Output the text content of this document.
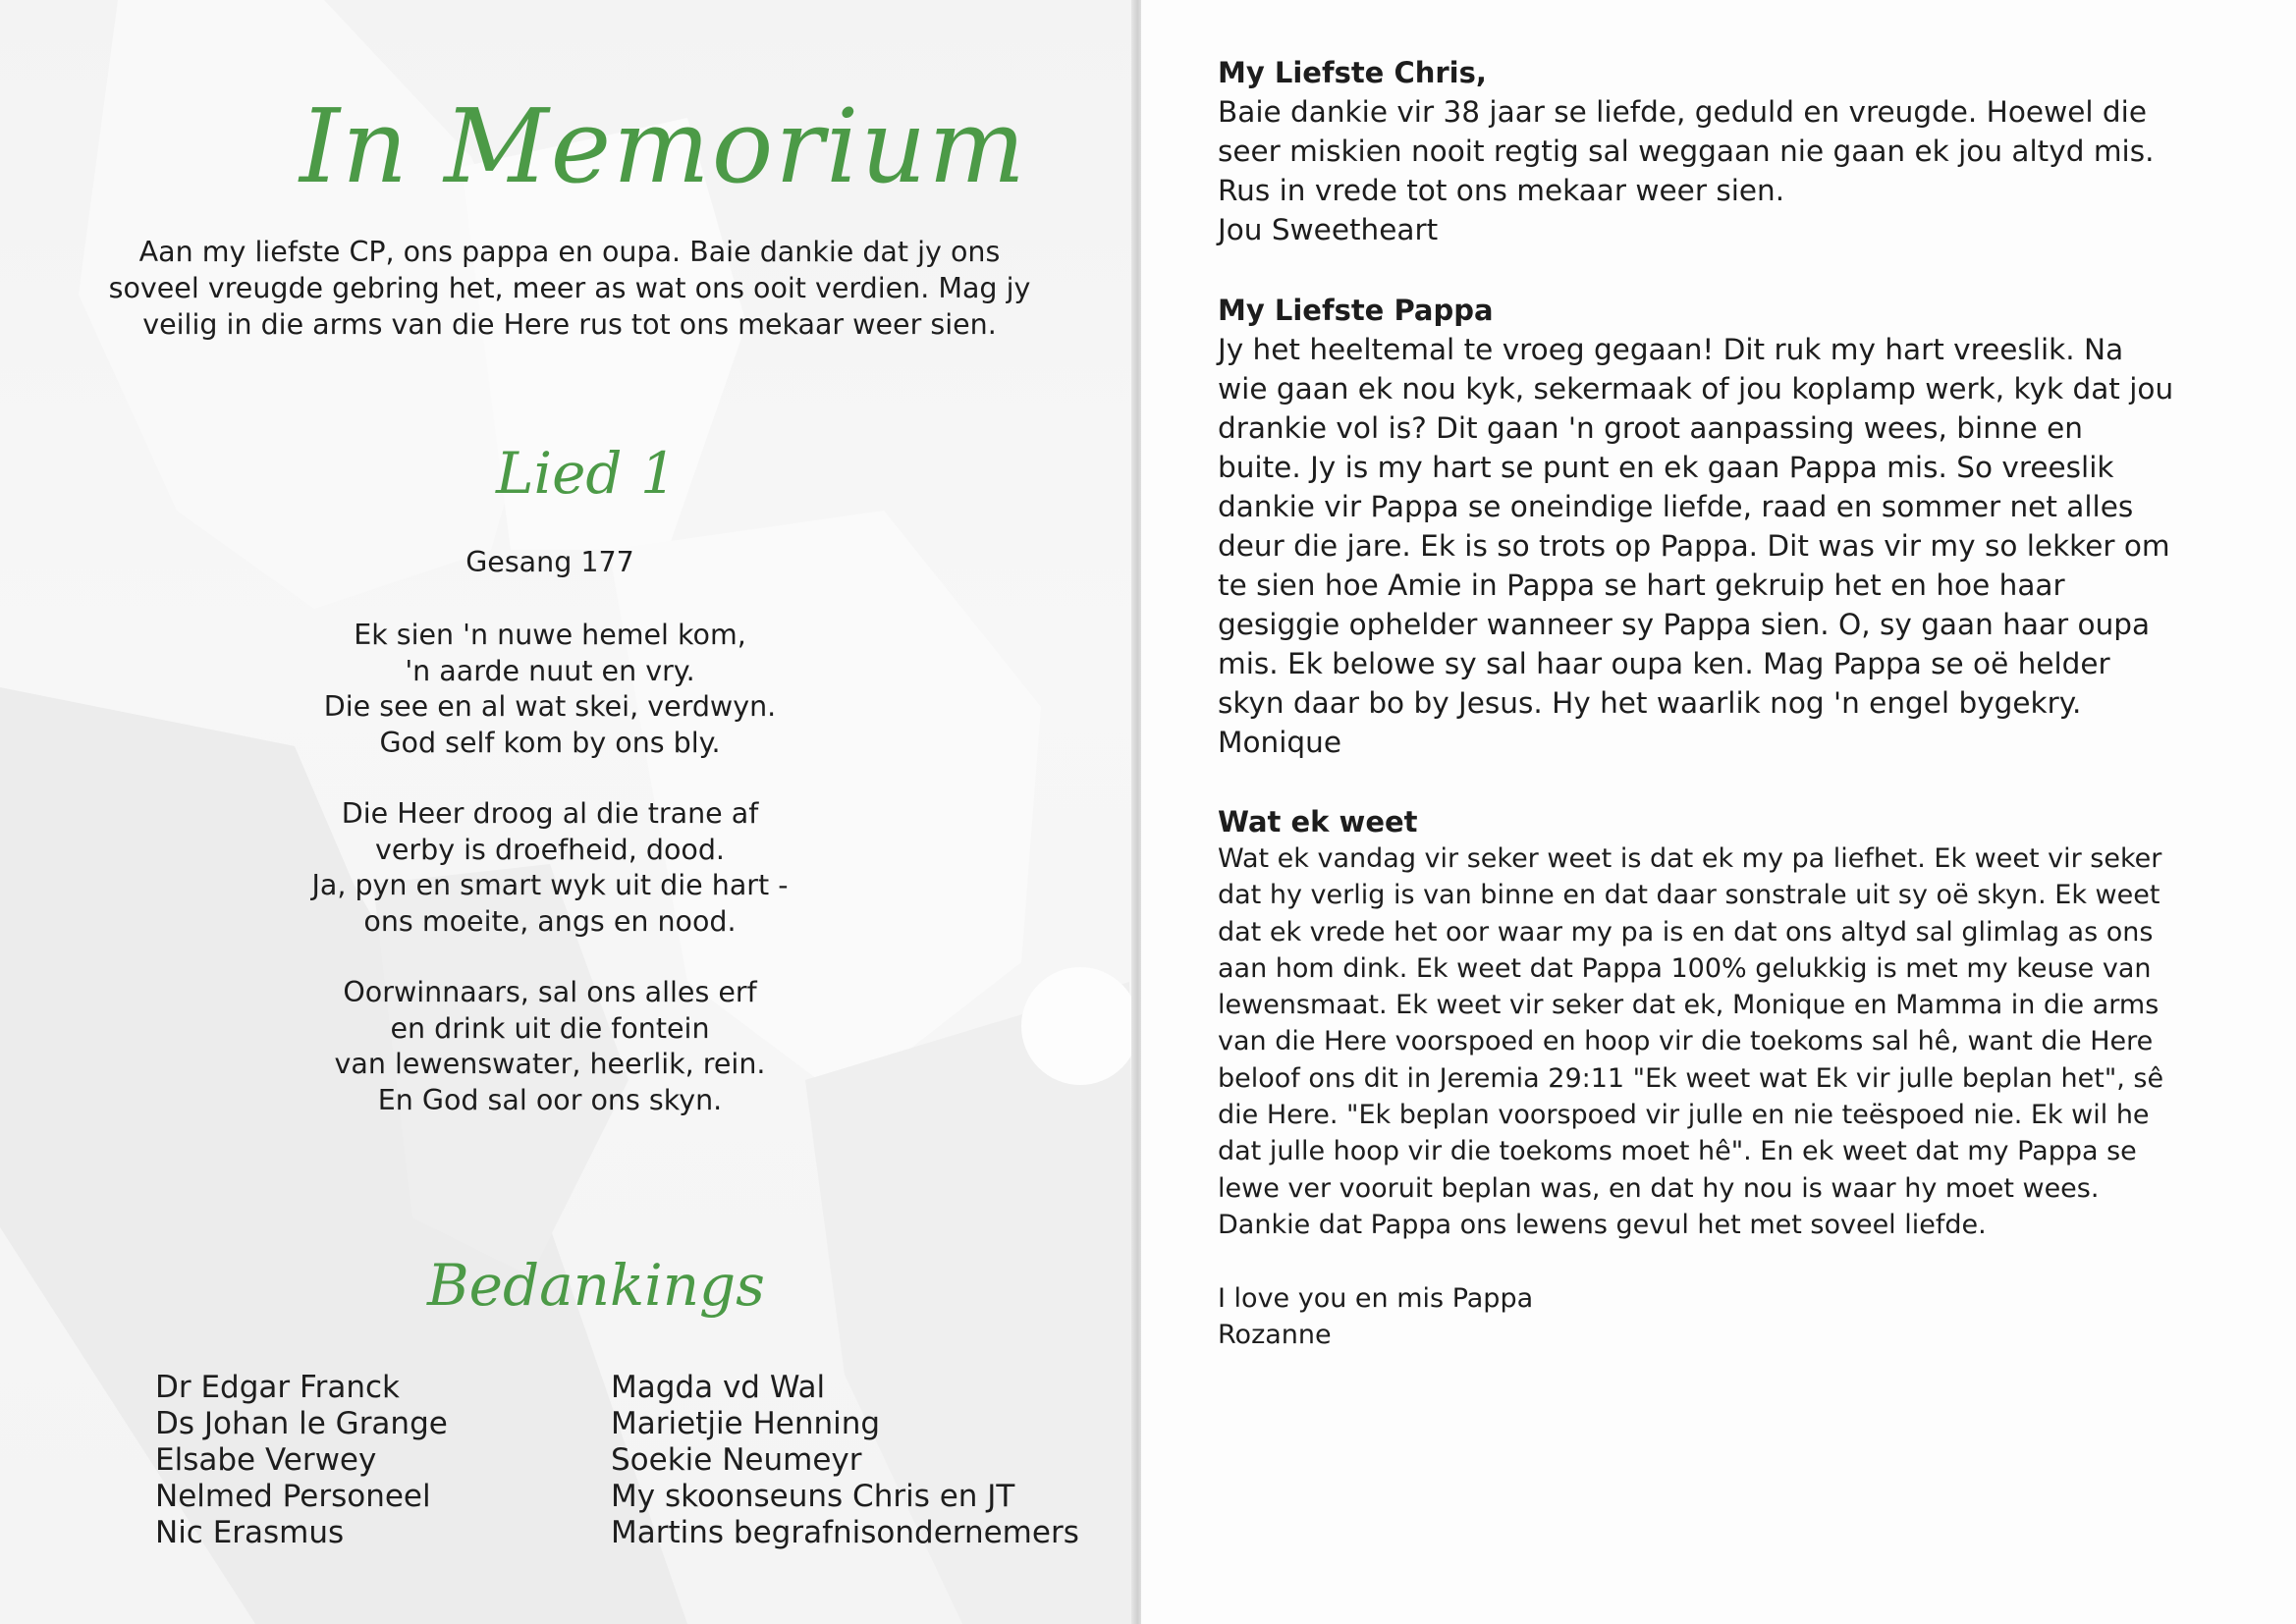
In Memorium
Aan my liefste CP, ons pappa en oupa. Baie dankie dat jy ons
soveel vreugde gebring het, meer as wat ons ooit verdien. Mag jy
veilig in die arms van die Here rus tot ons mekaar weer sien.
Lied 1
Gesang 177
Ek sien 'n nuwe hemel kom,
'n aarde nuut en vry.
Die see en al wat skei, verdwyn.
God self kom by ons bly.
Die Heer droog al die trane af
verby is droefheid, dood.
Ja, pyn en smart wyk uit die hart -
ons moeite, angs en nood.
Oorwinnaars, sal ons alles erf
en drink uit die fontein
van lewenswater, heerlik, rein.
En God sal oor ons skyn.
Bedankings
Dr Edgar Franck
Ds Johan le Grange
Elsabe Verwey
Nelmed Personeel
Nic Erasmus
Magda vd Wal
Marietjie Henning
Soekie Neumeyr
My skoonseuns Chris en JT
Martins begrafnisondernemers
My Liefste Chris,
Baie dankie vir 38 jaar se liefde, geduld en vreugde. Hoewel die
seer miskien nooit regtig sal weggaan nie gaan ek jou altyd mis.
Rus in vrede tot ons mekaar weer sien.
Jou Sweetheart
My Liefste Pappa
Jy het heeltemal te vroeg gegaan! Dit ruk my hart vreeslik. Na
wie gaan ek nou kyk, sekermaak of jou koplamp werk, kyk dat jou
drankie vol is? Dit gaan 'n groot aanpassing wees, binne en
buite. Jy is my hart se punt en ek gaan Pappa mis. So vreeslik
dankie vir Pappa se oneindige liefde, raad en sommer net alles
deur die jare. Ek is so trots op Pappa. Dit was vir my so lekker om
te sien hoe Amie in Pappa se hart gekruip het en hoe haar
gesiggie ophelder wanneer sy Pappa sien. O, sy gaan haar oupa
mis. Ek belowe sy sal haar oupa ken. Mag Pappa se oë helder
skyn daar bo by Jesus. Hy het waarlik nog 'n engel bygekry.
Monique
Wat ek weet
Wat ek vandag vir seker weet is dat ek my pa liefhet. Ek weet vir seker
dat hy verlig is van binne en dat daar sonstrale uit sy oë skyn. Ek weet
dat ek vrede het oor waar my pa is en dat ons altyd sal glimlag as ons
aan hom dink. Ek weet dat Pappa 100% gelukkig is met my keuse van
lewensmaat. Ek weet vir seker dat ek, Monique en Mamma in die arms
van die Here voorspoed en hoop vir die toekoms sal hê, want die Here
beloof ons dit in Jeremia 29:11 "Ek weet wat Ek vir julle beplan het", sê
die Here. "Ek beplan voorspoed vir julle en nie teëspoed nie. Ek wil he
dat julle hoop vir die toekoms moet hê". En ek weet dat my Pappa se
lewe ver vooruit beplan was, en dat hy nou is waar hy moet wees.
Dankie dat Pappa ons lewens gevul het met soveel liefde.
I love you en mis Pappa
Rozanne
